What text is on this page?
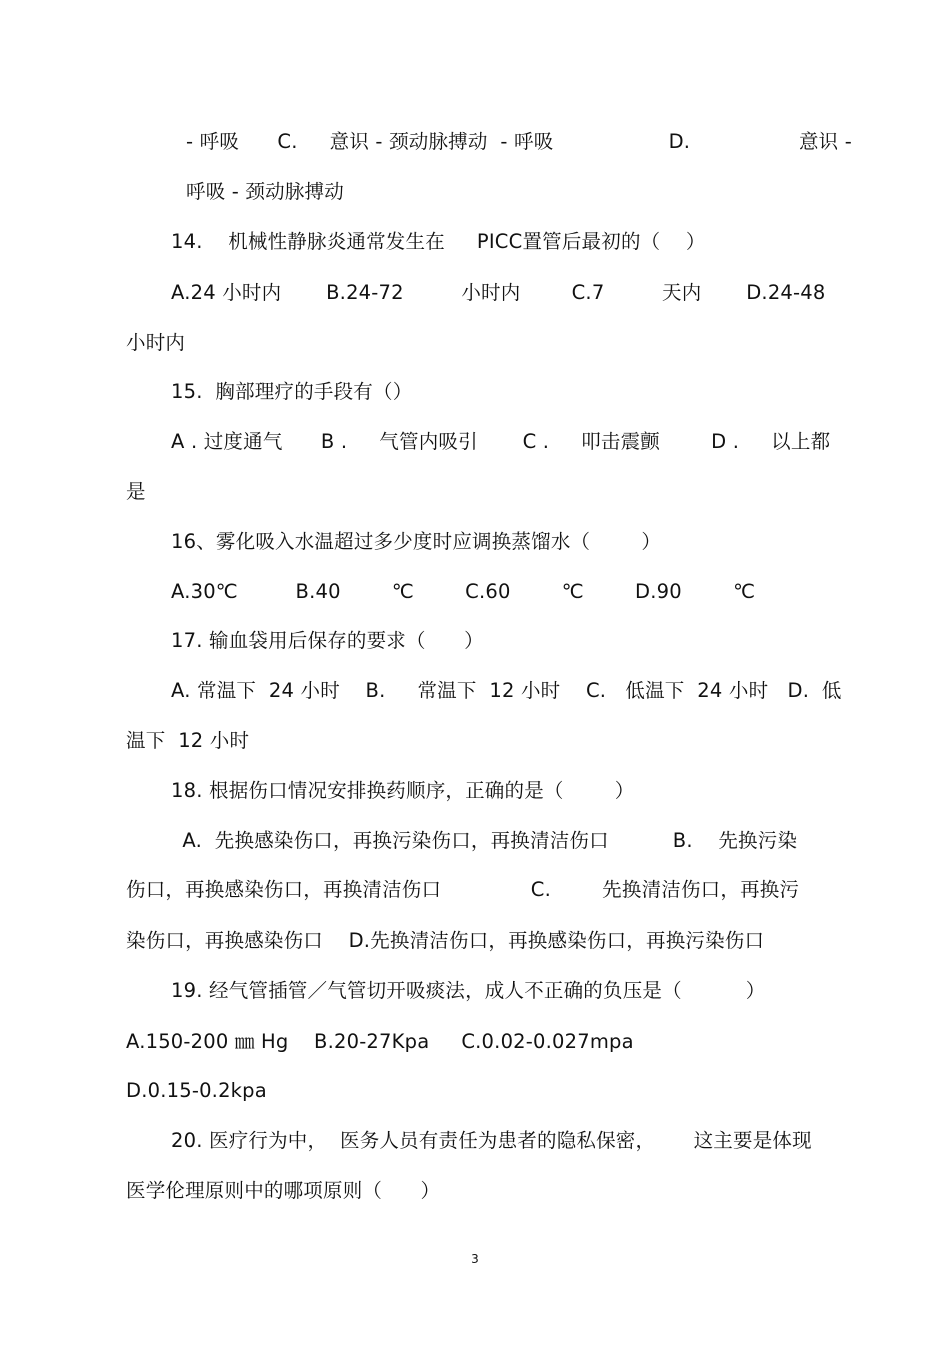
- 呼吸      C.     意识 - 颈动脉搏动  - 呼吸                  D.                 意识 -
呼吸 - 颈动脉搏动
14.    机械性静脉炎通常发生在     PICC置管后最初的（    ）
A.24 小时内       B.24-72         小时内        C.7         天内       D.24-48
小时内
15.  胸部理疗的手段有（）
A . 过度通气      B .     气管内吸引       C .     叩击震颤        D .     以上都
是
16、雾化吸入水温超过多少度时应调换蒸馏水（        ）
A.30℃         B.40        ℃        C.60        ℃        D.90        ℃
17. 输血袋用后保存的要求（      ）
A. 常温下  24 小时    B.     常温下  12 小时    C.   低温下  24 小时   D.  低
温下  12 小时
18. 根据伤口情况安排换药顺序，正确的是（        ）
A.  先换感染伤口，再换污染伤口，再换清洁伤口          B.    先换污染
伤口，再换感染伤口，再换清洁伤口              C.        先换清洁伤口，再换污
染伤口，再换感染伤口    D.先换清洁伤口，再换感染伤口，再换污染伤口
19. 经气管插管／气管切开吸痰法，成人不正确的负压是（          ）
A.150-200 ㎜ Hg    B.20-27Kpa     C.0.02-0.027mpa
D.0.15-0.2kpa
20. 医疗行为中，  医务人员有责任为患者的隐私保密，      这主要是体现
医学伦理原则中的哪项原则（      ）
3
